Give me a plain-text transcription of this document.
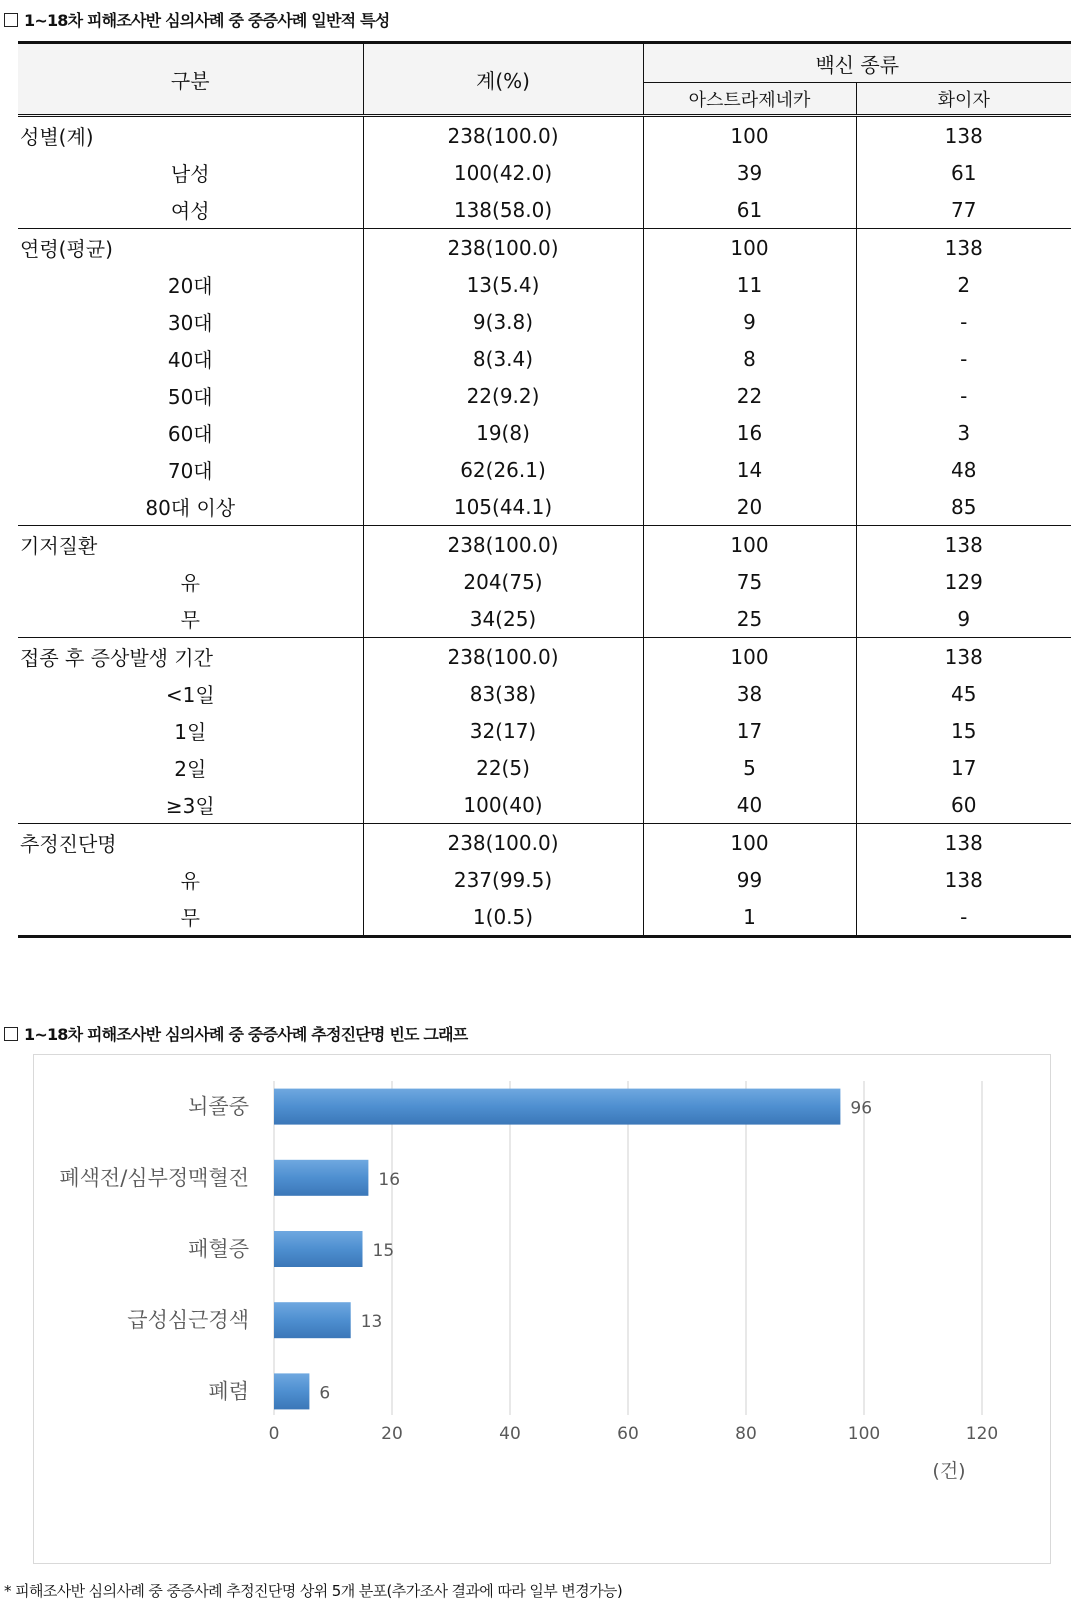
1~18차 피해조사반 심의사례 중 중증사례 일반적 특성
구분	계(%)	백신 종류	
		아스트라제네카	화이자
성별(계)	238(100.0)	100	138
남성	100(42.0)	39	61
여성	138(58.0)	61	77
연령(평균)	238(100.0)	100	138
20대	13(5.4)	11	2
30대	9(3.8)	9	-
40대	8(3.4)	8	-
50대	22(9.2)	22	-
60대	19(8)	16	3
70대	62(26.1)	14	48
80대 이상	105(44.1)	20	85
기저질환	238(100.0)	100	138
유	204(75)	75	129
무	34(25)	25	9
접종 후 증상발생 기간	238(100.0)	100	138
<1일	83(38)	38	45
1일	32(17)	17	15
2일	22(5)	5	17
≥3일	100(40)	40	60
추정진단명	238(100.0)	100	138
유	237(99.5)	99	138
무	1(0.5)	1	-
1~18차 피해조사반 심의사례 중 중증사례 추정진단명 빈도 그래프
0	20	40	60	80	100	120
뇌졸중	96
폐색전/심부정맥혈전	16
패혈증	15
급성심근경색	13
폐렴	6
(건)
* 피해조사반 심의사례 중 중증사례 추정진단명 상위 5개 분포(추가조사 결과에 따라 일부 변경가능)
